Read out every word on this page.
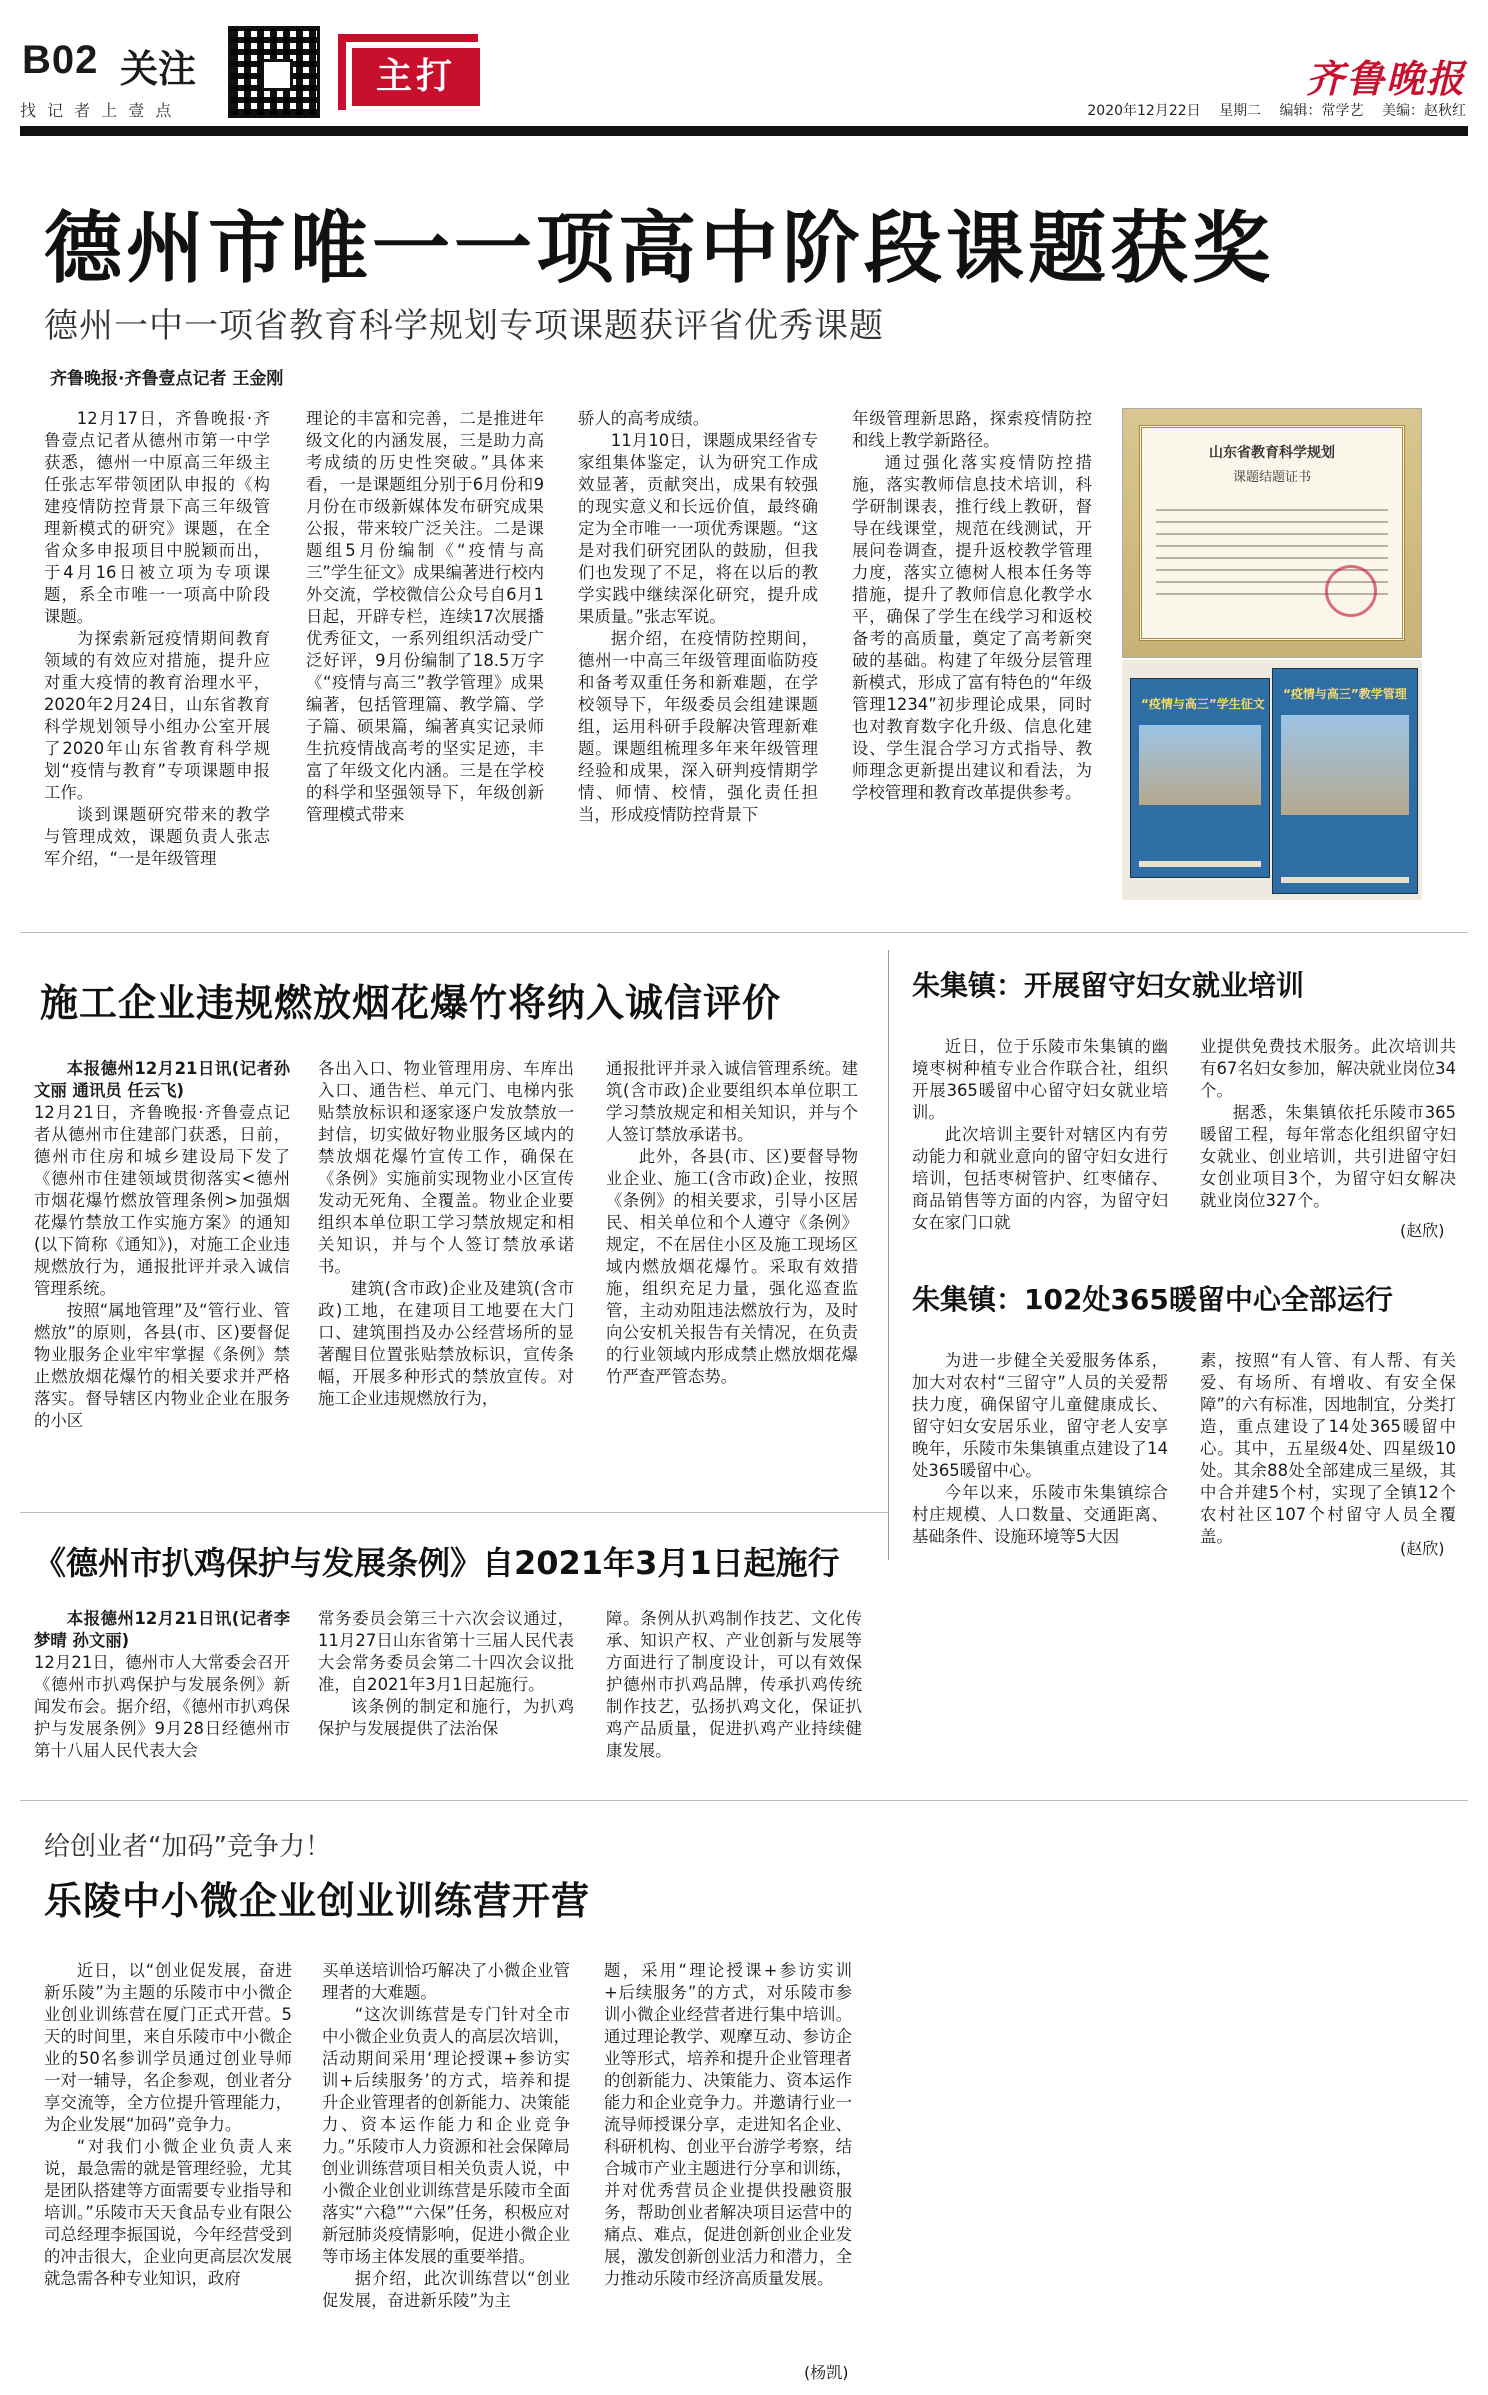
B02 关注
找 记 者 上 壹 点
主打	齐鲁晚报
2020年12月22日 星期二 编辑：常学艺 美编：赵秋红
德州市唯一一项高中阶段课题获奖
德州一中一项省教育科学规划专项课题获评省优秀课题
齐鲁晚报·齐鲁壹点记者 王金刚

12月17日，齐鲁晚报·齐鲁壹点记者从德州市第一中学获悉，德州一中原高三年级主任张志军带领团队申报的《构建疫情防控背景下高三年级管理新模式的研究》课题，在全省众多申报项目中脱颖而出，于4月16日被立项为专项课题，系全市唯一一项高中阶段课题。

为探索新冠疫情期间教育领域的有效应对措施，提升应对重大疫情的教育治理水平，2020年2月24日，山东省教育科学规划领导小组办公室开展了2020年山东省教育科学规划“疫情与教育”专项课题申报工作。

谈到课题研究带来的教学与管理成效，课题负责人张志军介绍，“一是年级管理

理论的丰富和完善，二是推进年级文化的内涵发展，三是助力高考成绩的历史性突破。”具体来看，一是课题组分别于6月份和9月份在市级新媒体发布研究成果公报，带来较广泛关注。二是课题组5月份编制《“疫情与高三”学生征文》成果编著进行校内外交流，学校微信公众号自6月1日起，开辟专栏，连续17次展播优秀征文，一系列组织活动受广泛好评，9月份编制了18.5万字《“疫情与高三”教学管理》成果编著，包括管理篇、教学篇、学子篇、硕果篇，编著真实记录师生抗疫情战高考的坚实足迹，丰富了年级文化内涵。三是在学校的科学和坚强领导下，年级创新管理模式带来

骄人的高考成绩。

11月10日，课题成果经省专家组集体鉴定，认为研究工作成效显著，贡献突出，成果有较强的现实意义和长远价值，最终确定为全市唯一一项优秀课题。“这是对我们研究团队的鼓励，但我们也发现了不足，将在以后的教学实践中继续深化研究，提升成果质量。”张志军说。

据介绍，在疫情防控期间，德州一中高三年级管理面临防疫和备考双重任务和新难题，在学校领导下，年级委员会组建课题组，运用科研手段解决管理新难题。课题组梳理多年来年级管理经验和成果，深入研判疫情期学情、师情、校情，强化责任担当，形成疫情防控背景下

年级管理新思路，探索疫情防控和线上教学新路径。

通过强化落实疫情防控措施，落实教师信息技术培训，科学研制课表，推行线上教研，督导在线课堂，规范在线测试，开展问卷调查，提升返校教学管理力度，落实立德树人根本任务等措施，提升了教师信息化教学水平，确保了学生在线学习和返校备考的高质量，奠定了高考新突破的基础。构建了年级分层管理新模式，形成了富有特色的“年级管理1234”初步理论成果，同时也对教育数字化升级、信息化建设、学生混合学习方式指导、教师理念更新提出建议和看法，为学校管理和教育改革提供参考。

山东省教育科学规划
课题结题证书
“疫情与高三”学生征文
“疫情与高三”教学管理
施工企业违规燃放烟花爆竹将纳入诚信评价

本报德州12月21日讯(记者孙文丽 通讯员 任云飞)

12月21日，齐鲁晚报·齐鲁壹点记者从德州市住建部门获悉，日前，德州市住房和城乡建设局下发了《德州市住建领域贯彻落实<德州市烟花爆竹燃放管理条例>加强烟花爆竹禁放工作实施方案》的通知(以下简称《通知》)，对施工企业违规燃放行为，通报批评并录入诚信管理系统。

按照“属地管理”及“管行业、管燃放”的原则，各县(市、区)要督促物业服务企业牢牢掌握《条例》禁止燃放烟花爆竹的相关要求并严格落实。督导辖区内物业企业在服务的小区

各出入口、物业管理用房、车库出入口、通告栏、单元门、电梯内张贴禁放标识和逐家逐户发放禁放一封信，切实做好物业服务区域内的禁放烟花爆竹宣传工作，确保在《条例》实施前实现物业小区宣传发动无死角、全覆盖。物业企业要组织本单位职工学习禁放规定和相关知识，并与个人签订禁放承诺书。

建筑(含市政)企业及建筑(含市政)工地，在建项目工地要在大门口、建筑围挡及办公经营场所的显著醒目位置张贴禁放标识，宣传条幅，开展多种形式的禁放宣传。对施工企业违规燃放行为，

通报批评并录入诚信管理系统。建筑(含市政)企业要组织本单位职工学习禁放规定和相关知识，并与个人签订禁放承诺书。

此外，各县(市、区)要督导物业企业、施工(含市政)企业，按照《条例》的相关要求，引导小区居民、相关单位和个人遵守《条例》规定，不在居住小区及施工现场区域内燃放烟花爆竹。采取有效措施，组织充足力量，强化巡查监管，主动劝阻违法燃放行为，及时向公安机关报告有关情况，在负责的行业领域内形成禁止燃放烟花爆竹严查严管态势。

朱集镇：开展留守妇女就业培训

近日，位于乐陵市朱集镇的幽境枣树种植专业合作联合社，组织开展365暖留中心留守妇女就业培训。

此次培训主要针对辖区内有劳动能力和就业意向的留守妇女进行培训，包括枣树管护、红枣储存、商品销售等方面的内容，为留守妇女在家门口就

业提供免费技术服务。此次培训共有67名妇女参加，解决就业岗位34个。

据悉，朱集镇依托乐陵市365暖留工程，每年常态化组织留守妇女就业、创业培训，共引进留守妇女创业项目3个，为留守妇女解决就业岗位327个。

(赵欣)
朱集镇：102处365暖留中心全部运行

为进一步健全关爱服务体系，加大对农村“三留守”人员的关爱帮扶力度，确保留守儿童健康成长、留守妇女安居乐业，留守老人安享晚年，乐陵市朱集镇重点建设了14处365暖留中心。

今年以来，乐陵市朱集镇综合村庄规模、人口数量、交通距离、基础条件、设施环境等5大因

素，按照“有人管、有人帮、有关爱、有场所、有增收、有安全保障”的六有标准，因地制宜，分类打造，重点建设了14处365暖留中心。其中，五星级4处、四星级10处。其余88处全部建成三星级，其中合并建5个村，实现了全镇12个农村社区107个村留守人员全覆盖。

(赵欣)
《德州市扒鸡保护与发展条例》自2021年3月1日起施行

本报德州12月21日讯(记者李梦晴 孙文丽)

12月21日，德州市人大常委会召开《德州市扒鸡保护与发展条例》新闻发布会。据介绍，《德州市扒鸡保护与发展条例》9月28日经德州市第十八届人民代表大会

常务委员会第三十六次会议通过，11月27日山东省第十三届人民代表大会常务委员会第二十四次会议批准，自2021年3月1日起施行。

该条例的制定和施行，为扒鸡保护与发展提供了法治保

障。条例从扒鸡制作技艺、文化传承、知识产权、产业创新与发展等方面进行了制度设计，可以有效保护德州市扒鸡品牌，传承扒鸡传统制作技艺，弘扬扒鸡文化，保证扒鸡产品质量，促进扒鸡产业持续健康发展。

给创业者“加码”竞争力！
乐陵中小微企业创业训练营开营

近日，以“创业促发展，奋进新乐陵”为主题的乐陵市中小微企业创业训练营在厦门正式开营。5天的时间里，来自乐陵市中小微企业的50名参训学员通过创业导师一对一辅导，名企参观，创业者分享交流等，全方位提升管理能力，为企业发展“加码”竞争力。

“对我们小微企业负责人来说，最急需的就是管理经验，尤其是团队搭建等方面需要专业指导和培训。”乐陵市天天食品专业有限公司总经理李振国说，今年经营受到的冲击很大，企业向更高层次发展就急需各种专业知识，政府

买单送培训恰巧解决了小微企业管理者的大难题。

“这次训练营是专门针对全市中小微企业负责人的高层次培训，活动期间采用‘理论授课+参访实训+后续服务’的方式，培养和提升企业管理者的创新能力、决策能力、资本运作能力和企业竞争力。”乐陵市人力资源和社会保障局创业训练营项目相关负责人说，中小微企业创业训练营是乐陵市全面落实“六稳”“六保”任务，积极应对新冠肺炎疫情影响，促进小微企业等市场主体发展的重要举措。

据介绍，此次训练营以“创业促发展，奋进新乐陵”为主

题，采用“理论授课+参访实训+后续服务”的方式，对乐陵市参训小微企业经营者进行集中培训。通过理论教学、观摩互动、参访企业等形式，培养和提升企业管理者的创新能力、决策能力、资本运作能力和企业竞争力。并邀请行业一流导师授课分享，走进知名企业、科研机构、创业平台游学考察，结合城市产业主题进行分享和训练，并对优秀营员企业提供投融资服务，帮助创业者解决项目运营中的痛点、难点，促进创新创业企业发展，激发创新创业活力和潜力，全力推动乐陵市经济高质量发展。

(杨凯)
